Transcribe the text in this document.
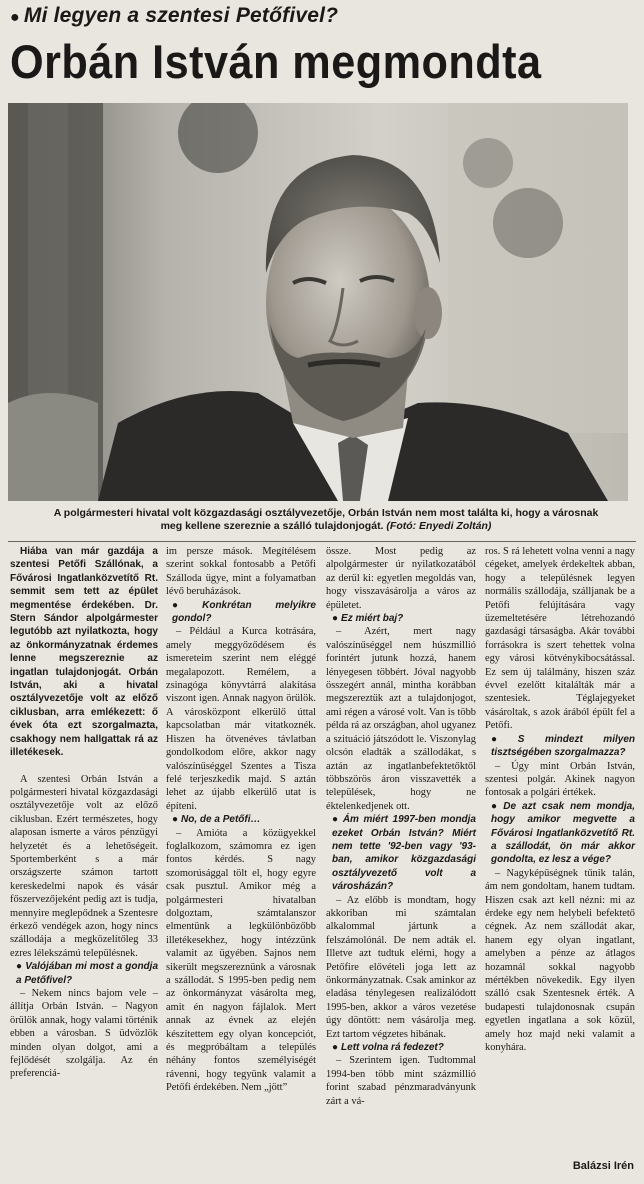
● Mi legyen a szentesi Petőfivel?
Orbán István megmondta
A polgármesteri hivatal volt közgazdasági osztályvezetője, Orbán István nem most találta ki, hogy a városnak meg kellene szereznie a szálló tulajdonjogát. (Fotó: Enyedi Zoltán)

Hiába van már gazdája a szentesi Petőfi Szállónak, a Fővárosi Ingatlanközvetítő Rt. semmit sem tett az épület megmentése érdekében. Dr. Stern Sándor alpolgármester legutóbb azt nyilatkozta, hogy az önkormányzatnak érdemes lenne megszereznie az ingatlan tulajdonjogát. Orbán István, aki a hivatal osztályvezetője volt az előző ciklusban, arra emlékezett: ő évek óta ezt szorgalmazta, csakhogy nem hallgattak rá az illetékesek.

A szentesi Orbán István a polgármesteri hivatal közgazdasági osztályvezetője volt az előző ciklusban. Ezért természetes, hogy alaposan ismerte a város pénzügyi helyzetét és a lehetőségeit. Sportemberként s a már országszerte számon tartott kereskedelmi napok és vásár főszervezőjeként pedig azt is tudja, mennyire meglepődnek a Szentesre érkező vendégek azon, hogy nincs szállodája a megközelítőleg 33 ezres lélekszámú településnek.

● Valójában mi most a gondja a Petőfivel?

– Nekem nincs bajom vele – állítja Orbán István. – Nagyon örülök annak, hogy valami történik ebben a városban. S üdvözlök minden olyan dolgot, ami a fejlődését szolgálja. Az én preferenciá-

im persze mások. Megítélésem szerint sokkal fontosabb a Petőfi Szálloda ügye, mint a folyamatban lévő beruházások.

● Konkrétan melyikre gondol?

– Például a Kurca kotrására, amely meggyőződésem és ismereteim szerint nem eléggé megalapozott. Remélem, a zsinagóga könyvtárrá alakítása viszont igen. Annak nagyon örülök. A városközpont elkerülő úttal kapcsolatban már vitatkoznék. Hiszen ha ötvenéves távlatban gondolkodom előre, akkor nagy valószínűséggel Szentes a Tisza felé terjeszkedik majd. S aztán lehet az újabb elkerülő utat is építeni.

● No, de a Petőfi…

– Amióta a közügyekkel foglalkozom, számomra ez igen fontos kérdés. S nagy szomorúsággal tölt el, hogy egyre csak pusztul. Amikor még a polgármesteri hivatalban dolgoztam, számtalanszor elmentünk a legkülönbözőbb illetékesekhez, hogy intézzünk valamit az ügyében. Sajnos nem sikerült megszereznünk a városnak a szállodát. S 1995-ben pedig nem az önkormányzat vásárolta meg, amit én nagyon fájlalok. Mert annak az évnek az elején készítettem egy olyan koncepciót, és megpróbáltam a település néhány fontos személyiségét rávenni, hogy tegyünk valamit a Petőfi érdekében. Nem „jött”

össze. Most pedig az alpolgármester úr nyilatkozatából az derül ki: egyetlen megoldás van, hogy visszavásárolja a város az épületet.

● Ez miért baj?

– Azért, mert nagy valószínűséggel nem húszmillió forintért jutunk hozzá, hanem lényegesen többért. Jóval nagyobb összegért annál, mintha korábban megszereztük azt a tulajdonjogot, ami régen a városé volt. Van is több példa rá az országban, ahol ugyanez a szituáció játszódott le. Viszonylag olcsón eladták a szállodákat, s aztán az ingatlanbefektetőktől többszörös áron visszavették a települések, hogy ne éktelenkedjenek ott.

● Ám miért 1997-ben mondja ezeket Orbán István? Miért nem tette '92-ben vagy '93-ban, amikor közgazdasági osztályvezető volt a városházán?

– Az előbb is mondtam, hogy akkoriban mi számtalan alkalommal jártunk a felszámolónál. De nem adták el. Illetve azt tudtuk elérni, hogy a Petőfire elővételi joga lett az önkormányzatnak. Csak aminkor az eladása ténylegesen realizálódott 1995-ben, akkor a város vezetése úgy döntött: nem vásárolja meg. Ezt tartom végzetes hibának.

● Lett volna rá fedezet?

– Szerintem igen. Tudtommal 1994-ben több mint százmillió forint szabad pénzmaradványunk zárt a vá-

ros. S rá lehetett volna venni a nagy cégeket, amelyek érdekeltek abban, hogy a településnek legyen normális szállodája, szálljanak be a Petőfi felújítására vagy üzemeltetésére létrehozandó gazdasági társaságba. Akár további forrásokra is szert tehettek volna egy városi kötvénykibocsátással. Ez sem új találmány, hiszen száz évvel ezelőtt kitalálták már a szentesiek. Téglajegyeket vásároltak, s azok árából épült fel a Petőfi.

● S mindezt milyen tisztségében szorgalmazza?

– Úgy mint Orbán István, szentesi polgár. Akinek nagyon fontosak a polgári értékek.

● De azt csak nem mondja, hogy amikor megvette a Fővárosi Ingatlanközvetítő Rt. a szállodát, ön már akkor gondolta, ez lesz a vége?

– Nagyképűségnek tűnik talán, ám nem gondoltam, hanem tudtam. Hiszen csak azt kell nézni: mi az érdeke egy nem helybeli befektető cégnek. Az nem szállodát akar, hanem egy olyan ingatlant, amelyben a pénze az átlagos hozamnál sokkal nagyobb mértékben növekedik. Egy ilyen szálló csak Szentesnek érték. A budapesti tulajdonosnak csupán egyetlen ingatlana a sok közül, amely hoz majd neki valamit a konyhára.

Balázsi Irén
